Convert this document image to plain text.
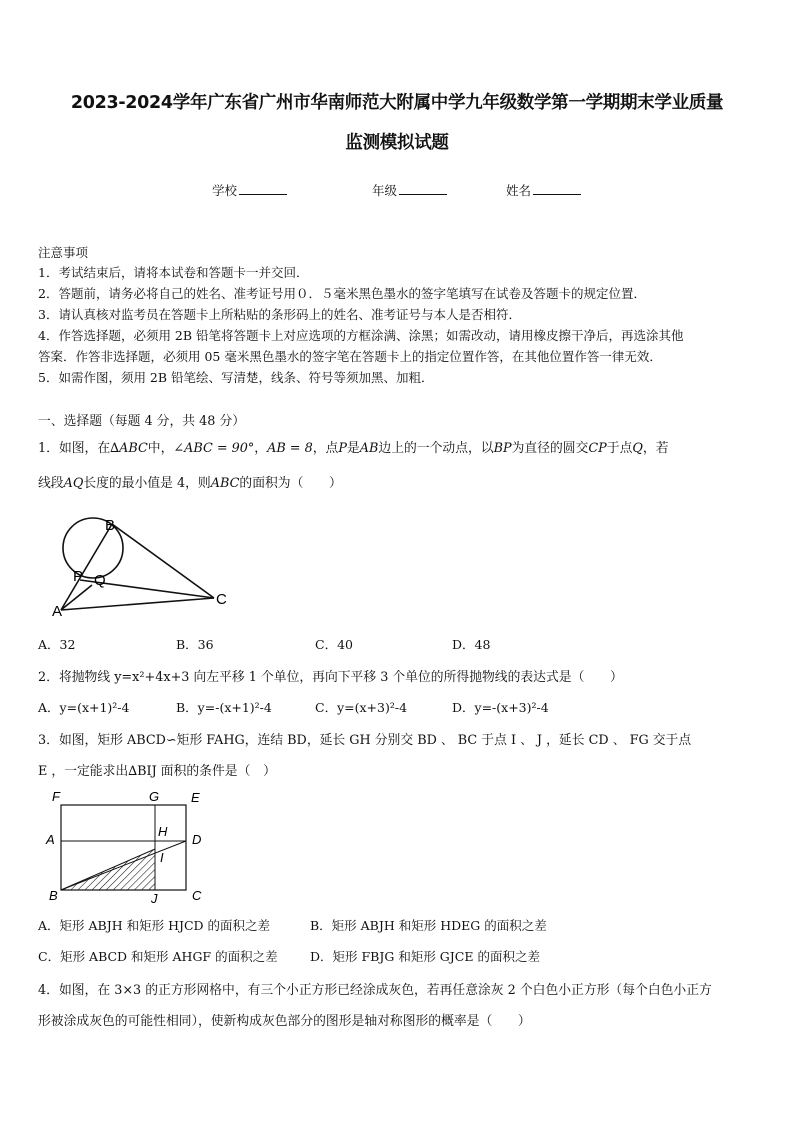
2023-2024学年广东省广州市华南师范大附属中学九年级数学第一学期期末学业质量
监测模拟试题
学校	年级	姓名
注意事项
1．考试结束后，请将本试卷和答题卡一并交回．
2．答题前，请务必将自己的姓名、准考证号用０．５毫米黑色墨水的签字笔填写在试卷及答题卡的规定位置．
3．请认真核对监考员在答题卡上所粘贴的条形码上的姓名、准考证号与本人是否相符．
4．作答选择题，必须用 2B 铅笔将答题卡上对应选项的方框涂满、涂黑；如需改动，请用橡皮擦干净后，再选涂其他
答案．作答非选择题，必须用 05 毫米黑色墨水的签字笔在答题卡上的指定位置作答，在其他位置作答一律无效．
5．如需作图，须用 2B 铅笔绘、写清楚，线条、符号等须加黑、加粗．
一、选择题（每题 4 分，共 48 分）
1．如图，在∆ABC中，∠ABC = 90°，AB = 8，点P是AB边上的一个动点，以BP为直径的圆交CP于点Q，若
线段AQ长度的最小值是 4，则ABC的面积为（　　）
B
P Q
A
C
A．32	B．36	C．40	D．48
2．将抛物线 y=x²+4x+3 向左平移 1 个单位，再向下平移 3 个单位的所得抛物线的表达式是（　　）
A．y=(x+1)²-4	B．y=-(x+1)²-4	C．y=(x+3)²-4	D．y=-(x+3)²-4
3．如图，矩形 ABCD∽矩形 FAHG，连结 BD，延长 GH 分别交 BD 、 BC 于点 I 、 J ，延长 CD 、 FG 交于点
E ，一定能求出∆BIJ 面积的条件是（　）
F	G E
A
H
D
I
B	J	C
A．矩形 ABJH 和矩形 HJCD 的面积之差	B．矩形 ABJH 和矩形 HDEG 的面积之差
C．矩形 ABCD 和矩形 AHGF 的面积之差	D．矩形 FBJG 和矩形 GJCE 的面积之差
4．如图，在 3×3 的正方形网格中，有三个小正方形已经涂成灰色，若再任意涂灰 2 个白色小正方形（每个白色小正方
形被涂成灰色的可能性相同），使新构成灰色部分的图形是轴对称图形的概率是（　　）
